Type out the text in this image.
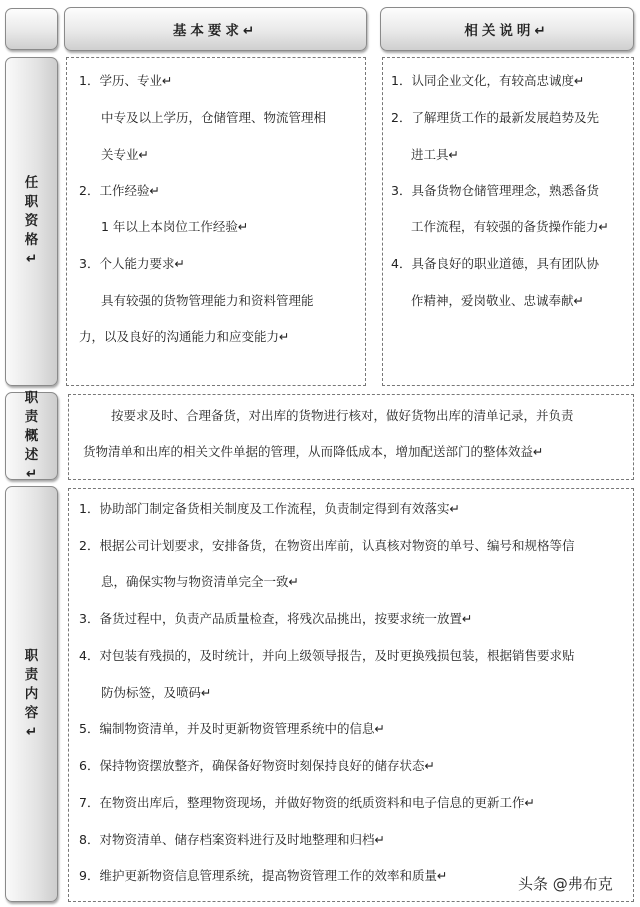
基本要求↵	相关说明↵
任职资格↵
职责概述↵
职责内容↵
1．学历、专业↵
中专及以上学历，仓储管理、物流管理相
关专业↵
2．工作经验↵
1 年以上本岗位工作经验↵
3．个人能力要求↵
具有较强的货物管理能力和资料管理能
力，以及良好的沟通能力和应变能力↵
1．认同企业文化，有较高忠诚度↵
2．了解理货工作的最新发展趋势及先
进工具↵
3．具备货物仓储管理理念，熟悉备货
工作流程，有较强的备货操作能力↵
4．具备良好的职业道德，具有团队协
作精神，爱岗敬业、忠诚奉献↵
按要求及时、合理备货，对出库的货物进行核对，做好货物出库的清单记录，并负责
货物清单和出库的相关文件单据的管理，从而降低成本，增加配送部门的整体效益↵
1．协助部门制定备货相关制度及工作流程，负责制定得到有效落实↵
2．根据公司计划要求，安排备货，在物资出库前，认真核对物资的单号、编号和规格等信
息，确保实物与物资清单完全一致↵
3．备货过程中，负责产品质量检查，将残次品挑出，按要求统一放置↵
4．对包装有残损的，及时统计，并向上级领导报告，及时更换残损包装，根据销售要求贴
防伪标签，及喷码↵
5．编制物资清单，并及时更新物资管理系统中的信息↵
6．保持物资摆放整齐，确保备好物资时刻保持良好的储存状态↵
7．在物资出库后，整理物资现场，并做好物资的纸质资料和电子信息的更新工作↵
8．对物资清单、储存档案资料进行及时地整理和归档↵
9．维护更新物资信息管理系统，提高物资管理工作的效率和质量↵	头条 @弗布克
